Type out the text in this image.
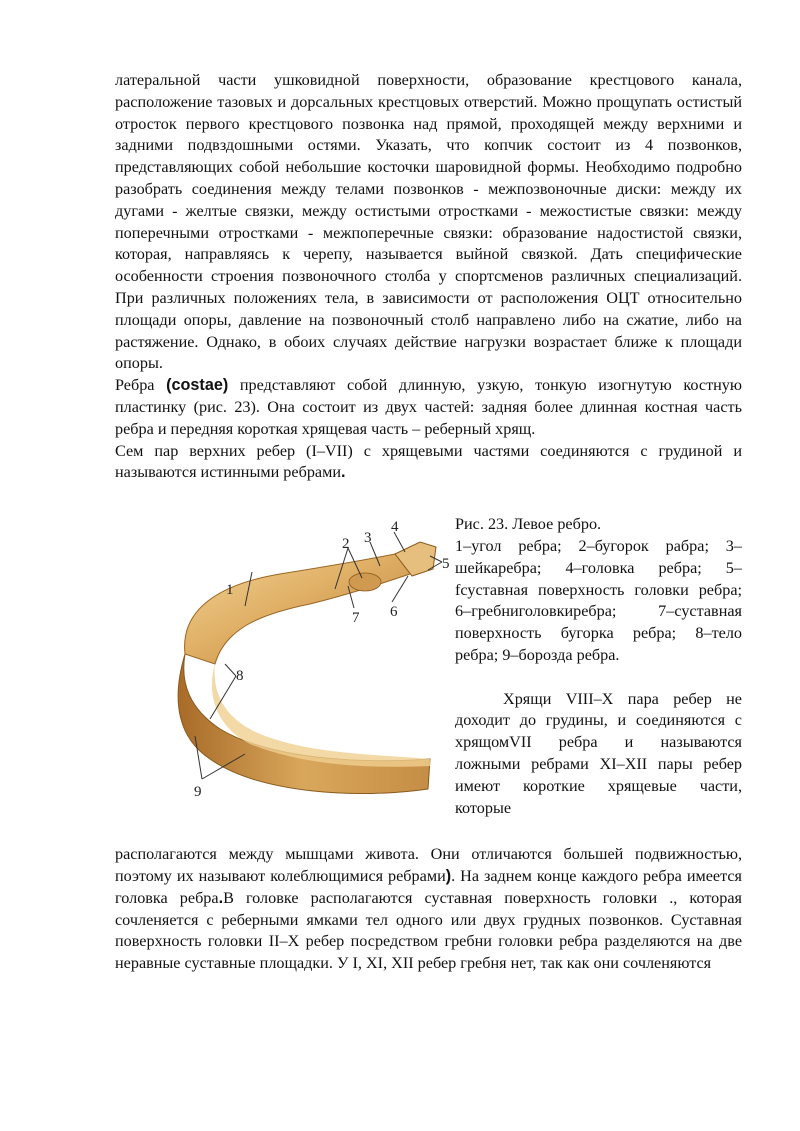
латеральной части ушковидной поверхности, образование крестцового канала, расположение тазовых и дорсальных крестцовых отверстий. Можно прощупать остистый отросток первого крестцового позвонка над прямой, проходящей между верхними и задними подвздошными остями. Указать, что копчик состоит из 4 позвонков, представляющих собой небольшие косточки шаровидной формы. Необходимо подробно разобрать соединения между телами позвонков - межпозвоночные диски: между их дугами - желтые связки, между остистыми отростками - межостистые связки: между поперечными отростками - межпоперечные связки: образование надостистой связки, которая, направляясь к черепу, называется выйной связкой. Дать специфические особенности строения позвоночного столба у спортсменов различных специализаций. При различных положениях тела, в зависимости от расположения ОЦТ относительно площади опоры, давление на позвоночный столб направлено либо на сжатие, либо на растяжение. Однако, в обоих случаях действие нагрузки возрастает ближе к площади опоры.

Ребра (costae) представляют собой длинную, узкую, тонкую изогнутую костную пластинку (рис. 23). Она состоит из двух частей: задняя более длинная костная часть ребра и передняя короткая хрящевая часть – реберный хрящ.

Сем пар верхних ребер (I–VII) с хрящевыми частями соединяются с грудиной и называются истинными ребрами.

1
2 3
4
5
6
7
8
9

Рис. 23. Левое ребро.

1–угол ребра; 2–бугорок рабра; 3–шейкаребра; 4–головка ребра; 5–fсуставная поверхность головки ребра; 6–гребниголовкиребра; 7–суставная поверхность бугорка ребра; 8–тело ребра; 9–борозда ребра.

Хрящи VIII–X пара ребер не доходит до грудины, и соединяются с хрящомVII ребра и называются ложными ребрами XI–XII пары ребер имеют короткие хрящевые части, которые

располагаются между мышцами живота. Они отличаются большей подвижностью, поэтому их называют колеблющимися ребрами). На заднем конце каждого ребра имеется головка ребра.В головке располагаются суставная поверхность головки ., которая сочленяется с реберными ямками тел одного или двух грудных позвонков. Суставная поверхность головки II–X ребер посредством гребни головки ребра разделяются на две неравные суставные площадки. У I, XI, XII ребер гребня нет, так как они сочленяются
